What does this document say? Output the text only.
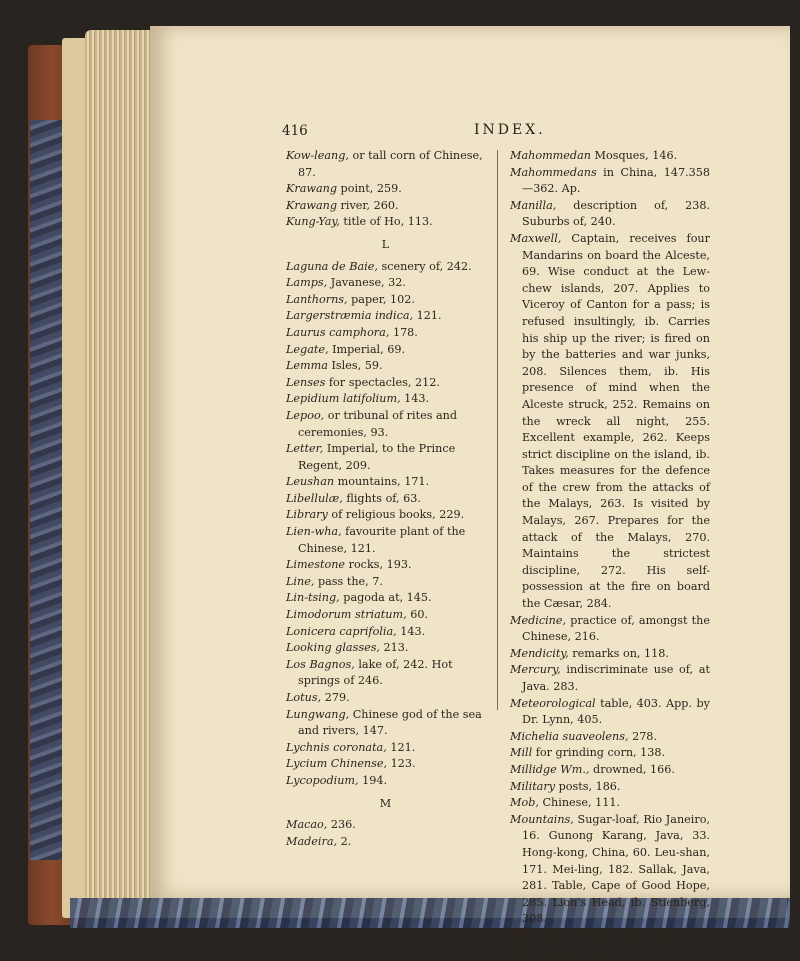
416	INDEX.

Kow-leang, or tall corn of Chinese, 87.

Krawang point, 259.

Krawang river, 260.

Kung-Yay, title of Ho, 113.

L

Laguna de Baie, scenery of, 242.

Lamps, Javanese, 32.

Lanthorns, paper, 102.

Largerstræmia indica, 121.

Laurus camphora, 178.

Legate, Imperial, 69.

Lemma Isles, 59.

Lenses for spectacles, 212.

Lepidium latifolium, 143.

Lepoo, or tribunal of rites and ceremonies, 93.

Letter, Imperial, to the Prince Regent, 209.

Leushan mountains, 171.

Libellulæ, flights of, 63.

Library of religious books, 229.

Lien-wha, favourite plant of the Chinese, 121.

Limestone rocks, 193.

Line, pass the, 7.

Lin-tsing, pagoda at, 145.

Limodorum striatum, 60.

Lonicera caprifolia, 143.

Looking glasses, 213.

Los Bagnos, lake of, 242. Hot springs of 246.

Lotus, 279.

Lungwang, Chinese god of the sea and rivers, 147.

Lychnis coronata, 121.

Lycium Chinense, 123.

Lycopodium, 194.

M

Macao, 236.

Madeira, 2.

Mahommedan Mosques, 146.

Mahommedans in China, 147.358—362. Ap.

Manilla, description of, 238. Suburbs of, 240.

Maxwell, Captain, receives four Mandarins on board the Alceste, 69. Wise conduct at the Lew-chew islands, 207. Applies to Viceroy of Canton for a pass; is refused insultingly, ib. Carries his ship up the river; is fired on by the batteries and war junks, 208. Silences them, ib. His presence of mind when the Alceste struck, 252. Remains on the wreck all night, 255. Excellent example, 262. Keeps strict discipline on the island, ib. Takes measures for the defence of the crew from the attacks of the Malays, 263. Is visited by Malays, 267. Prepares for the attack of the Malays, 270. Maintains the strictest discipline, 272. His self-possession at the fire on board the Cæsar, 284.

Medicine, practice of, amongst the Chinese, 216.

Mendicity, remarks on, 118.

Mercury, indiscriminate use of, at Java. 283.

Meteorological table, 403. App. by Dr. Lynn, 405.

Michelia suaveolens, 278.

Mill for grinding corn, 138.

Millidge Wm., drowned, 166.

Military posts, 186.

Mob, Chinese, 111.

Mountains, Sugar-loaf, Rio Janeiro, 16. Gunong Karang, Java, 33. Hong-kong, China, 60. Leu-shan, 171. Mei-ling, 182. Sallak, Java, 281. Table, Cape of Good Hope, 285. Lion's Head, ib. Stienberg, 308.

Mou-tan, or Peony tree, 220.

Muh, rank of, 93.
